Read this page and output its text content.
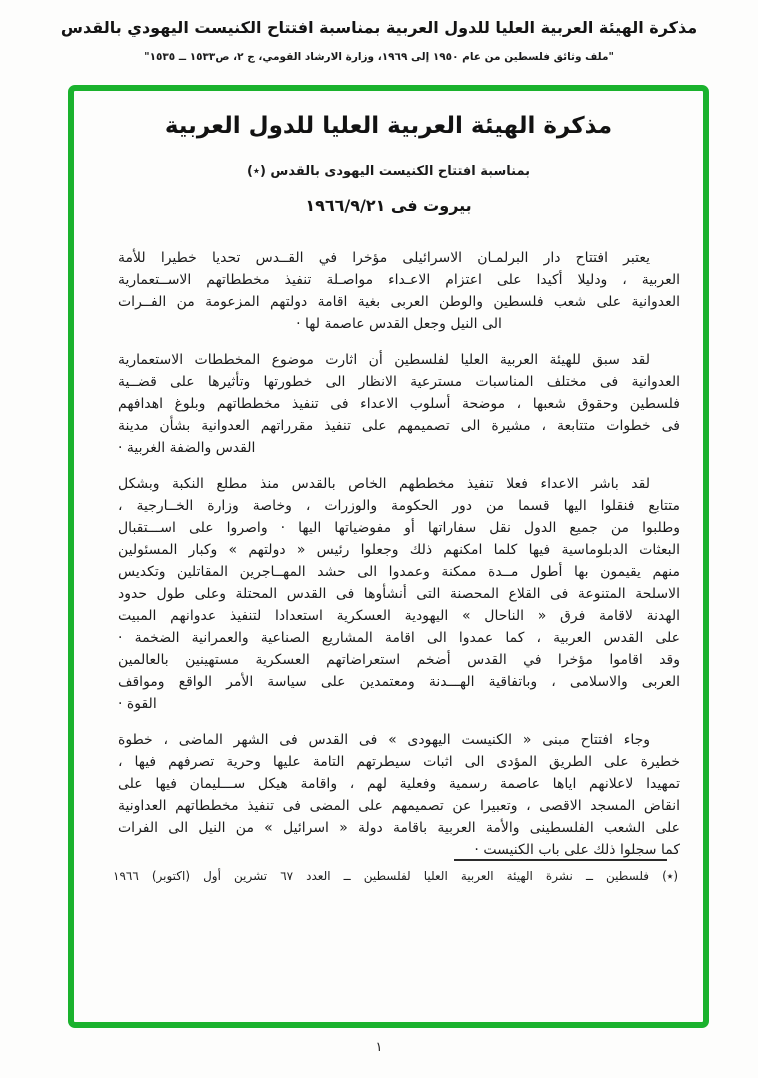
مذكرة الهيئة العربية العليا للدول العربية بمناسبة افتتاح الكنيست اليهودي بالقدس
"ملف وثائق فلسطين من عام ١٩٥٠ إلى ١٩٦٩، وزارة الارشاد القومي، ج ٢، ص١٥٣٣ ــ ١٥٣٥"
مذكرة الهيئة العربية العليا للدول العربية
بمناسبة افتتاح الكنيست اليهودى بالقدس (٭)
بيروت فى ١٩٦٦/٩/٢١
يعتبر افتتاح دار البرلمـان الاسرائيلى مؤخرا في القــدس تحديا خطيرا للأمة
العربية ، ودليلا أكيدا على اعتزام الاعـداء مواصـلة تنفيذ مخططاتهم الاســتعمارية
العدوانية على شعب فلسطين والوطن العربى بغية اقامة دولتهم المزعومة من الفــرات
الى النيل وجعل القدس عاصمة لها ·
لقد سبق للهيئة العربية العليا لفلسطين أن اثارت موضوع المخططات الاستعمارية
العدوانية فى مختلف المناسبات مسترعية الانظار الى خطورتها وتأثيرها على قضــية
فلسطين وحقوق شعبها ، موضحة أسلوب الاعداء فى تنفيذ مخططاتهم وبلوغ اهدافهم
فى خطوات متتابعة ، مشيرة الى تصميمهم على تنفيذ مقرراتهم العدوانية بشأن مدينة
القدس والضفة الغربية ·
لقد باشر الاعداء فعلا تنفيذ مخططهم الخاص بالقدس منذ مطلع النكبة وبشكل
متتابع فنقلوا اليها قسما من دور الحكومة والوزرات ، وخاصة وزارة الخــارجية ،
وطلبوا من جميع الدول نقل سفاراتها أو مفوضياتها اليها · واصروا على اســـتقبال
البعثات الدبلوماسية فيها كلما امكنهم ذلك وجعلوا رئيس « دولتهم » وكبار المسئولين
منهم يقيمون بها أطول مــدة ممكنة وعمدوا الى حشد المهــاجرين المقاتلين وتكديس
الاسلحة المتنوعة فى القلاع المحصنة التى أنشأوها فى القدس المحتلة وعلى طول حدود
الهدنة لاقامة فرق « الناحال » اليهودية العسكرية استعدادا لتنفيذ عدوانهم المبيت
على القدس العربية ، كما عمدوا الى اقامة المشاريع الصناعية والعمرانية الضخمة ·
وقد اقاموا مؤخرا في القدس أضخم استعراضاتهم العسكرية مستهينين بالعالمين
العربى والاسلامى ، وباتفاقية الهـــدنة ومعتمدين على سياسة الأمر الواقع ومواقف
القوة ·
وجاء افتتاح مبنى « الكنيست اليهودى » فى القدس فى الشهر الماضى ، خطوة
خطيرة على الطريق المؤدى الى اثبات سيطرتهم التامة عليها وحرية تصرفهم فيها ،
تمهيدا لاعلانهم اياها عاصمة رسمية وفعلية لهم ، واقامة هيكل ســـليمان فيها على
انقاض المسجد الاقصى ، وتعبيرا عن تصميمهم على المضى فى تنفيذ مخططاتهم العداونية
على الشعب الفلسطينى والأمة العربية باقامة دولة « اسرائيل » من النيل الى الفرات
كما سجلوا ذلك على باب الكنيست ·
(٭) فلسطين ــ نشرة الهيئة العربية العليا لفلسطين ــ العدد ٦٧ تشرين أول (اكتوبر) ١٩٦٦
١
